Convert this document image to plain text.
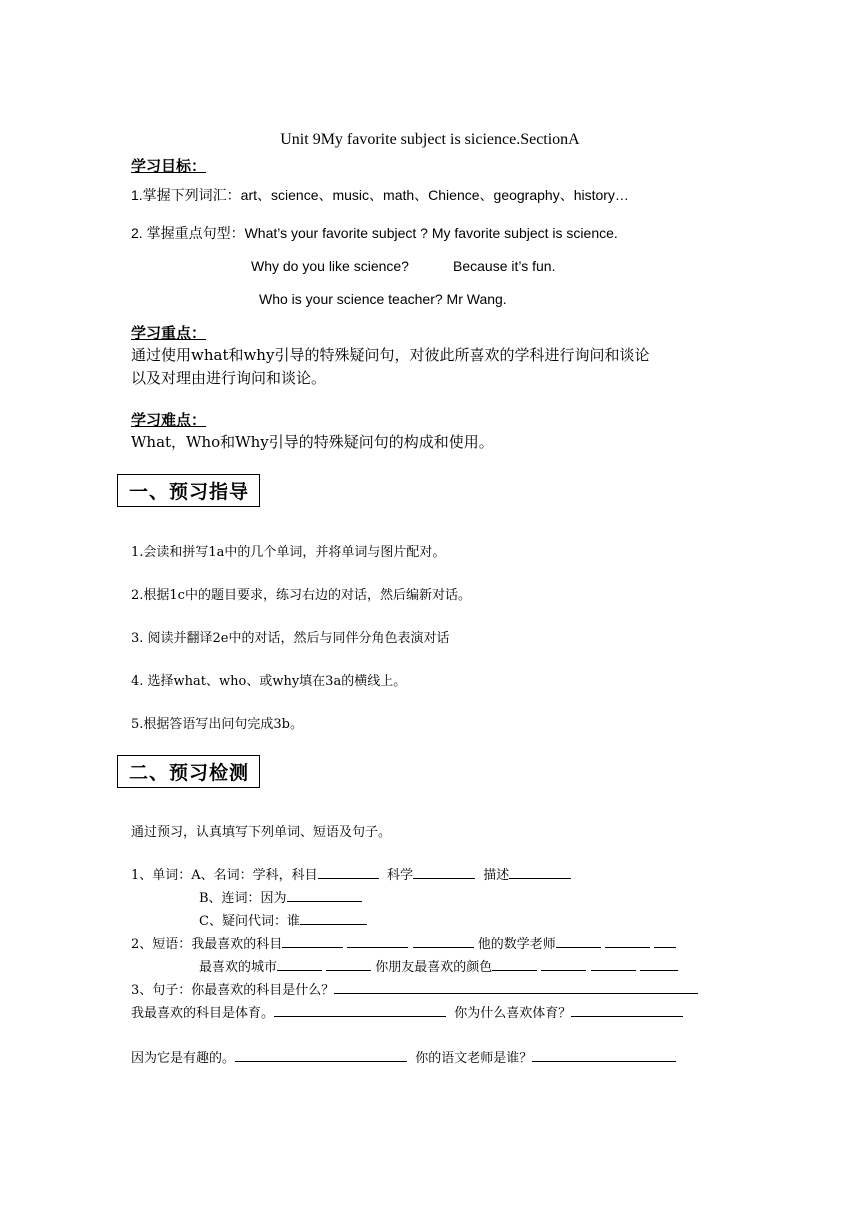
Unit 9My favorite subject is sicience.SectionA
学习目标：
1.掌握下列词汇：art、science、music、math、Chience、geography、history…
2. 掌握重点句型：What’s your favorite subject ? My favorite subject is science.
Why do you like science?	Because it’s fun.
Who is your science teacher? Mr Wang.
学习重点：
通过使用what和why引导的特殊疑问句，对彼此所喜欢的学科进行询问和谈论
以及对理由进行询问和谈论。
学习难点：
What，Who和Why引导的特殊疑问句的构成和使用。
一、预习指导
1.会读和拼写1a中的几个单词，并将单词与图片配对。
2.根据1c中的题目要求，练习右边的对话，然后编新对话。
3. 阅读并翻译2e中的对话，然后与同伴分角色表演对话
4. 选择what、who、或why填在3a的横线上。
5.根据答语写出问句完成3b。
二、预习检测
通过预习，认真填写下列单词、短语及句子。
1、单词：A、名词：学科，科目	科学	描述
B、连词：因为
C、疑问代词：谁
2、短语：我最喜欢的科目	他的数学老师
最喜欢的城市	你朋友最喜欢的颜色
3、句子：你最喜欢的科目是什么？
我最喜欢的科目是体育。	你为什么喜欢体育？
因为它是有趣的。	你的语文老师是谁？
